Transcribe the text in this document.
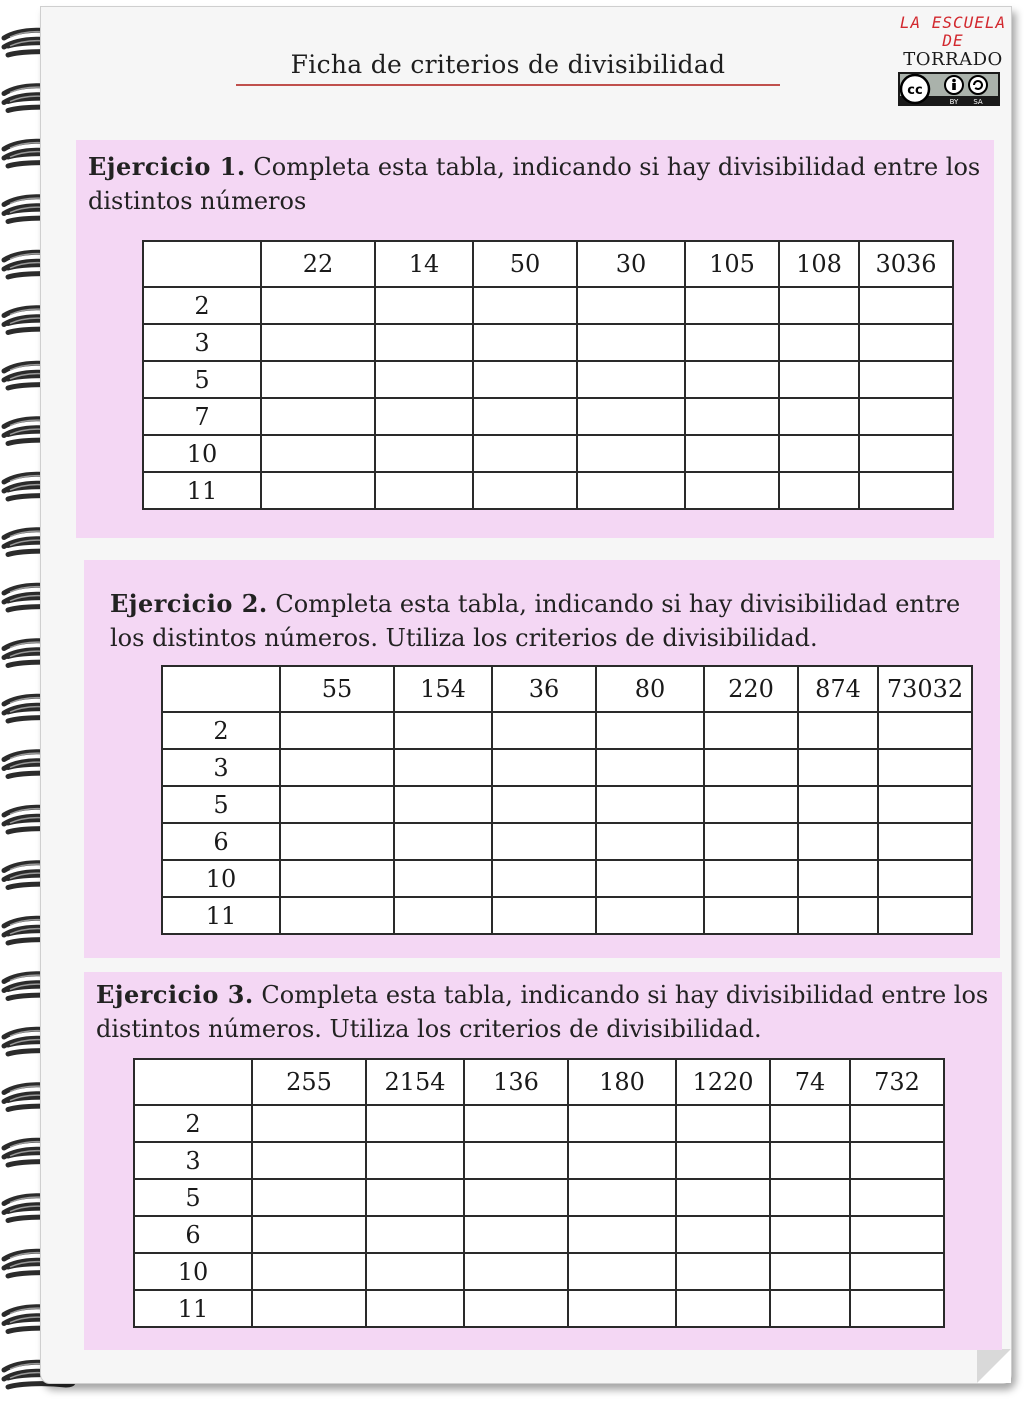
Ficha de criterios de divisibilidad
LA ESCUELA
DE
TORRADO
cc
BY SA
Ejercicio 1. Completa esta tabla, indicando si hay divisibilidad entre los
distintos números
	22	14	50	30	105	108	3036
2							
3							
5							
7							
10							
11							
Ejercicio 2. Completa esta tabla, indicando si hay divisibilidad entre
los distintos números. Utiliza los criterios de divisibilidad.
	55	154	36	80	220	874	73032
2							
3							
5							
6							
10							
11							
Ejercicio 3. Completa esta tabla, indicando si hay divisibilidad entre los
distintos números. Utiliza los criterios de divisibilidad.
	255	2154	136	180	1220	74	732
2							
3							
5							
6							
10							
11							
